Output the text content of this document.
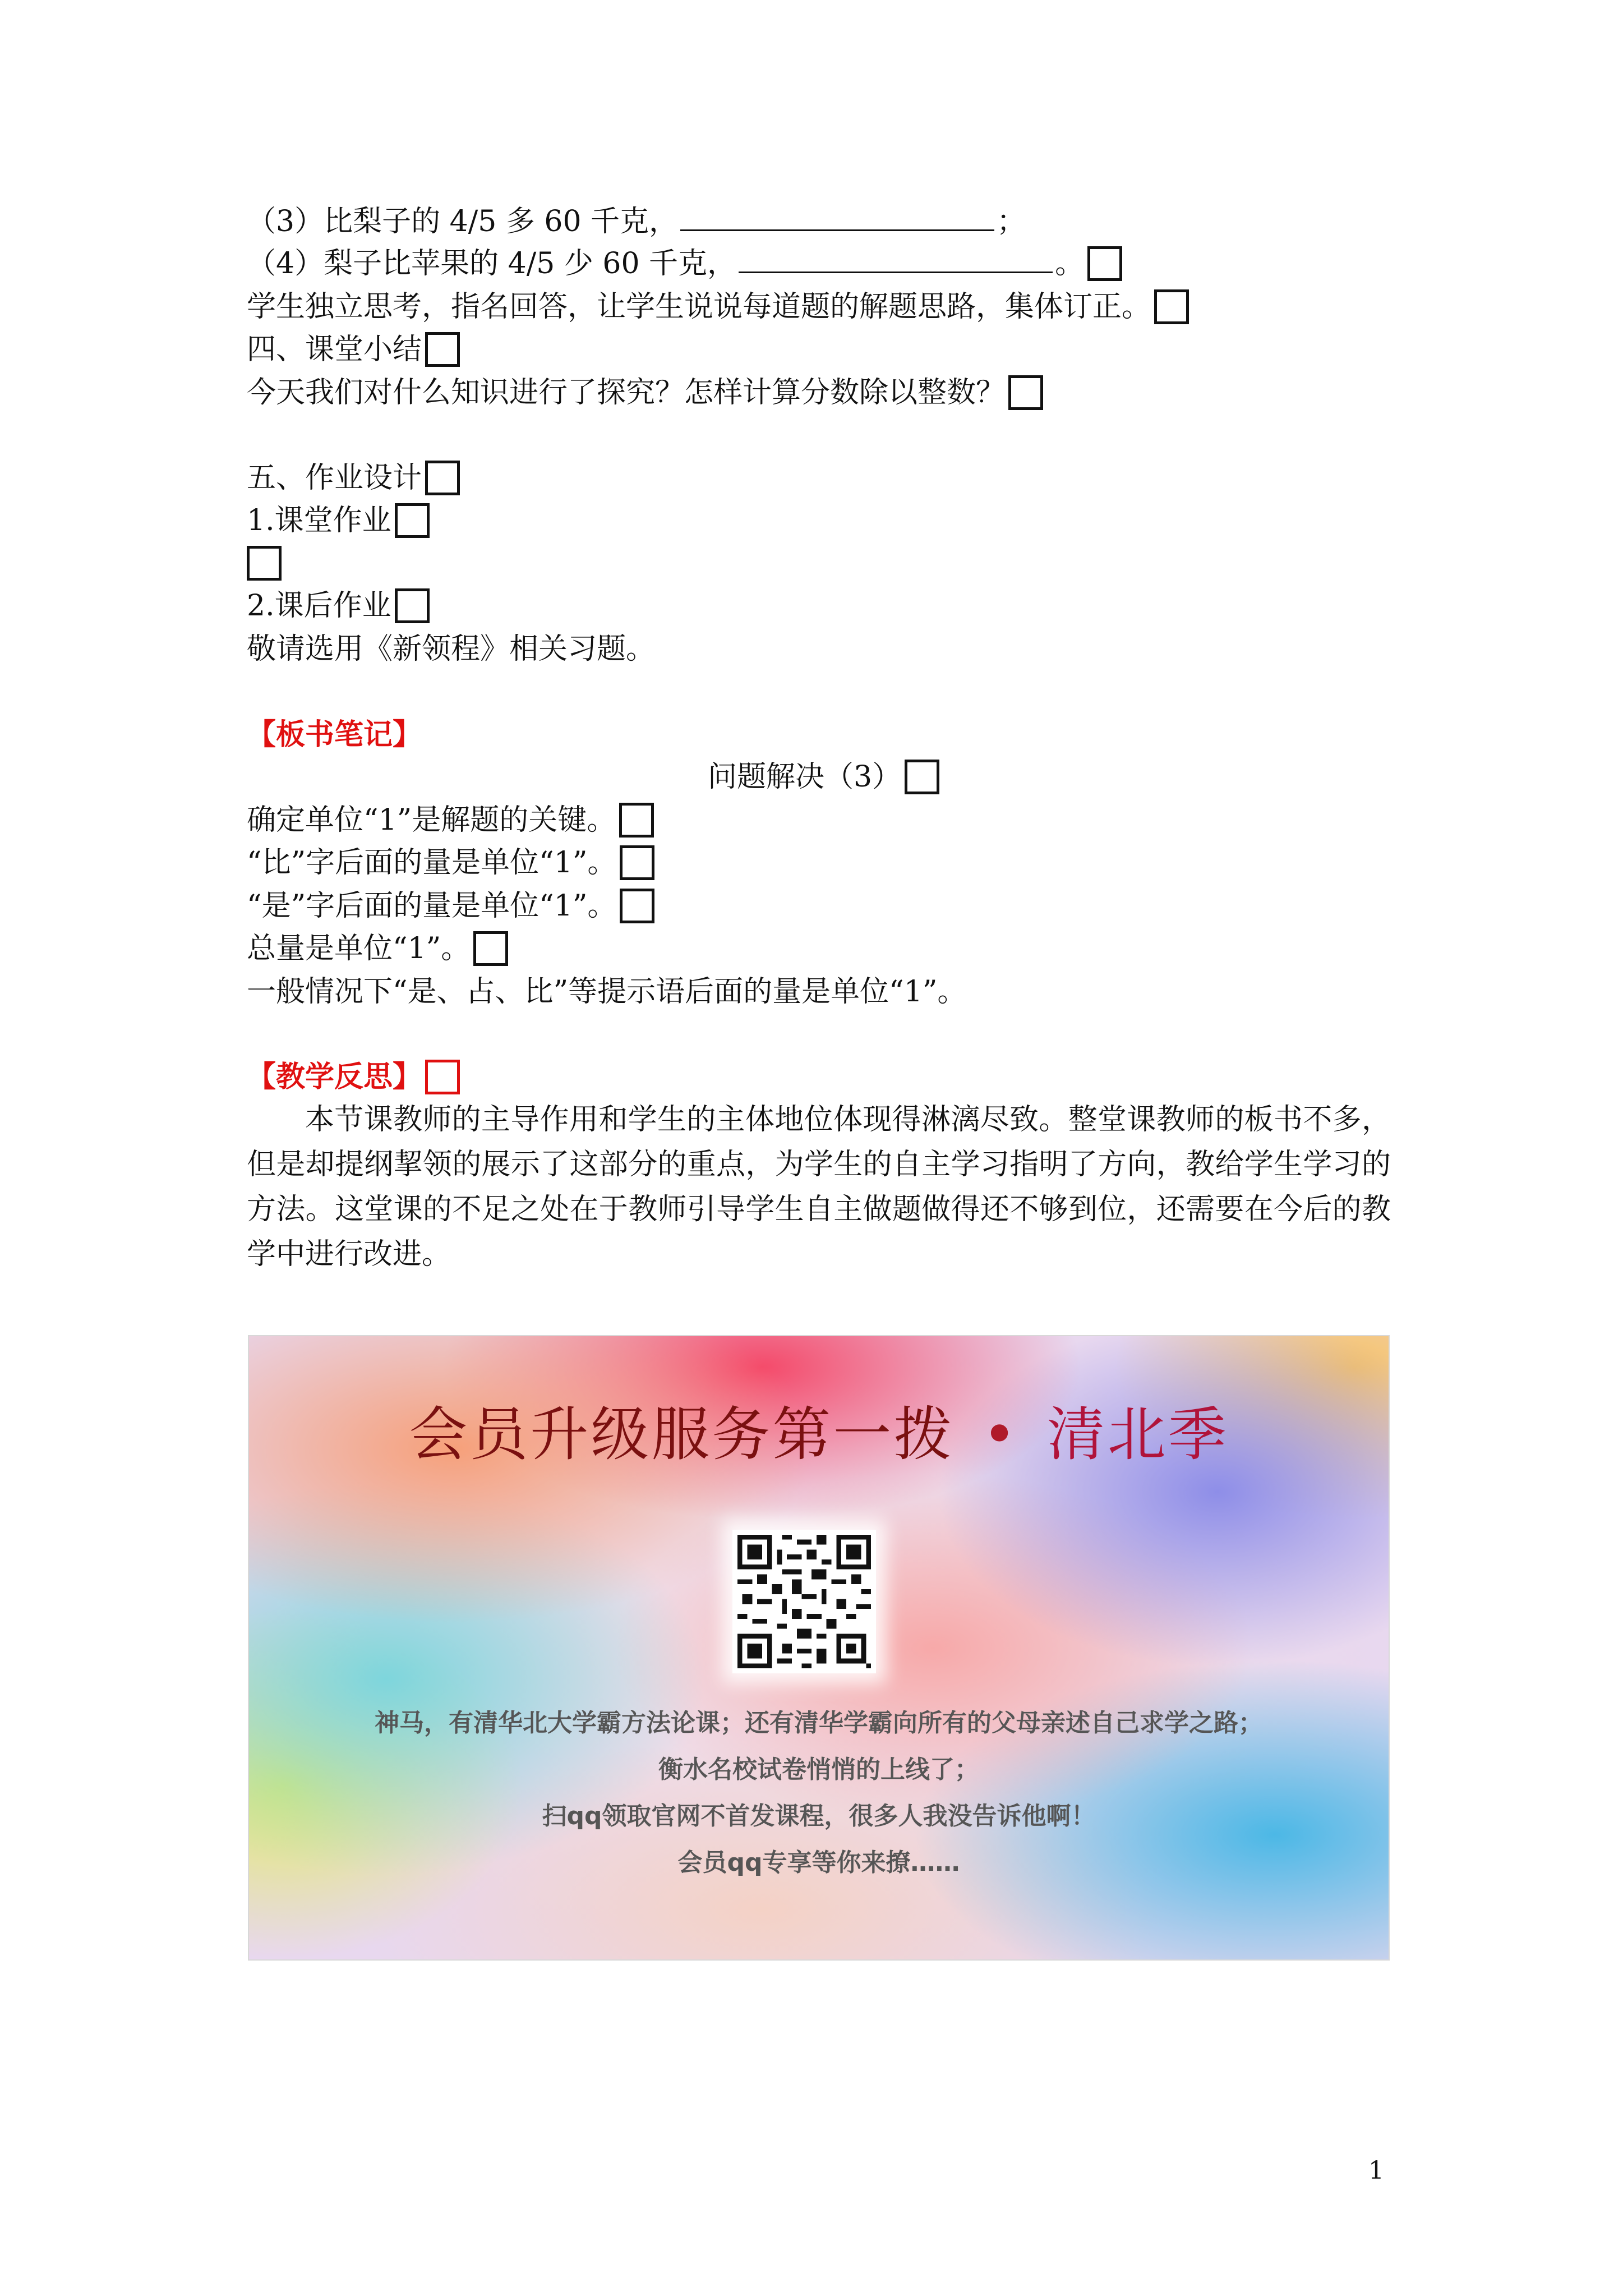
（3）比梨子的 4/5 多 60 千克，	；
（4）梨子比苹果的 4/5 少 60 千克，	。
学生独立思考，指名回答，让学生说说每道题的解题思路，集体订正。
四、课堂小结
今天我们对什么知识进行了探究？怎样计算分数除以整数？
五、作业设计
1.课堂作业
2.课后作业
敬请选用《新领程》相关习题。
【板书笔记】
问题解决（3）
确定单位“1”是解题的关键。
“比”字后面的量是单位“1”。
“是”字后面的量是单位“1”。
总量是单位“1”。
一般情况下“是、占、比”等提示语后面的量是单位“1”。
【教学反思】

本节课教师的主导作用和学生的主体地位体现得淋漓尽致。整堂课教师的板书不多，但是却提纲挈领的展示了这部分的重点，为学生的自主学习指明了方向，教给学生学习的方法。这堂课的不足之处在于教师引导学生自主做题做得还不够到位，还需要在今后的教学中进行改进。

会员升级服务第一拨 • 清北季
神马，有清华北大学霸方法论课；还有清华学霸向所有的父母亲述自己求学之路；
衡水名校试卷悄悄的上线了；
扫qq领取官网不首发课程，很多人我没告诉他啊！
会员qq专享等你来撩……
1
